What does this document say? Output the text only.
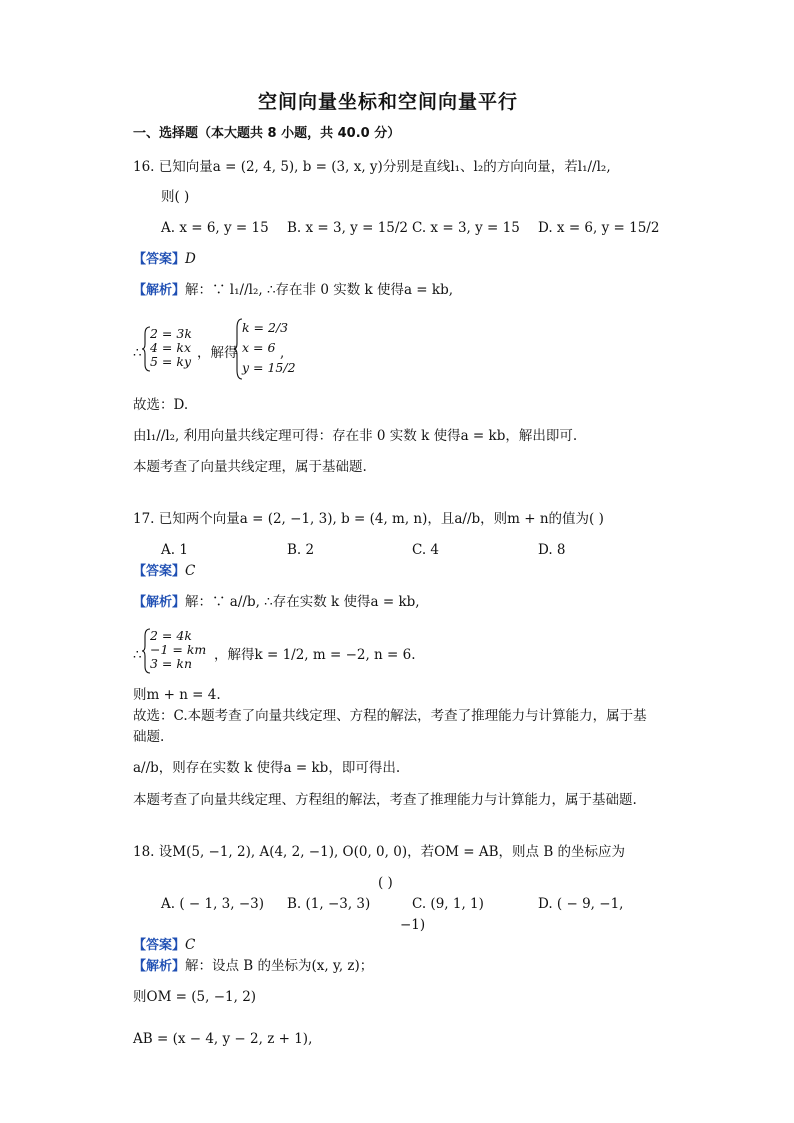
空间向量坐标和空间向量平行
一、选择题（本大题共 8 小题，共 40.0 分）
16. 已知向量a = (2, 4, 5), b = (3, x, y)分别是直线l₁、l₂的方向向量，若l₁//l₂,
则( )
A. x = 6, y = 15 B. x = 3, y = 15/2 C. x = 3, y = 15 D. x = 6, y = 15/2
【答案】D
【解析】解：∵ l₁//l₂, ∴存在非 0 实数 k 使得a = kb,
∴
2 = 3k
4 = kx
5 = ky
，解得
k = 2/3
x = 6
y = 15/2
,
故选：D.
由l₁//l₂, 利用向量共线定理可得：存在非 0 实数 k 使得a = kb，解出即可.
本题考查了向量共线定理，属于基础题.
17. 已知两个向量a = (2, −1, 3), b = (4, m, n)，且a//b，则m + n的值为( )
A. 1	B. 2	C. 4	D. 8
【答案】C
【解析】解：∵ a//b, ∴存在实数 k 使得a = kb,
∴
2 = 4k
−1 = km
3 = kn
，解得k = 1/2, m = −2, n = 6.
则m + n = 4.
故选：C.本题考查了向量共线定理、方程的解法，考查了推理能力与计算能力，属于基
础题.
a//b，则存在实数 k 使得a = kb，即可得出.
本题考查了向量共线定理、方程组的解法，考查了推理能力与计算能力，属于基础题.
18. 设M(5, −1, 2), A(4, 2, −1), O(0, 0, 0)，若OM = AB，则点 B 的坐标应为
( )
A. ( − 1, 3, −3) B. (1, −3, 3)	C. (9, 1, 1)	D. ( − 9, −1,
−1)
【答案】C
【解析】解：设点 B 的坐标为(x, y, z)；
则OM = (5, −1, 2)
AB = (x − 4, y − 2, z + 1),
